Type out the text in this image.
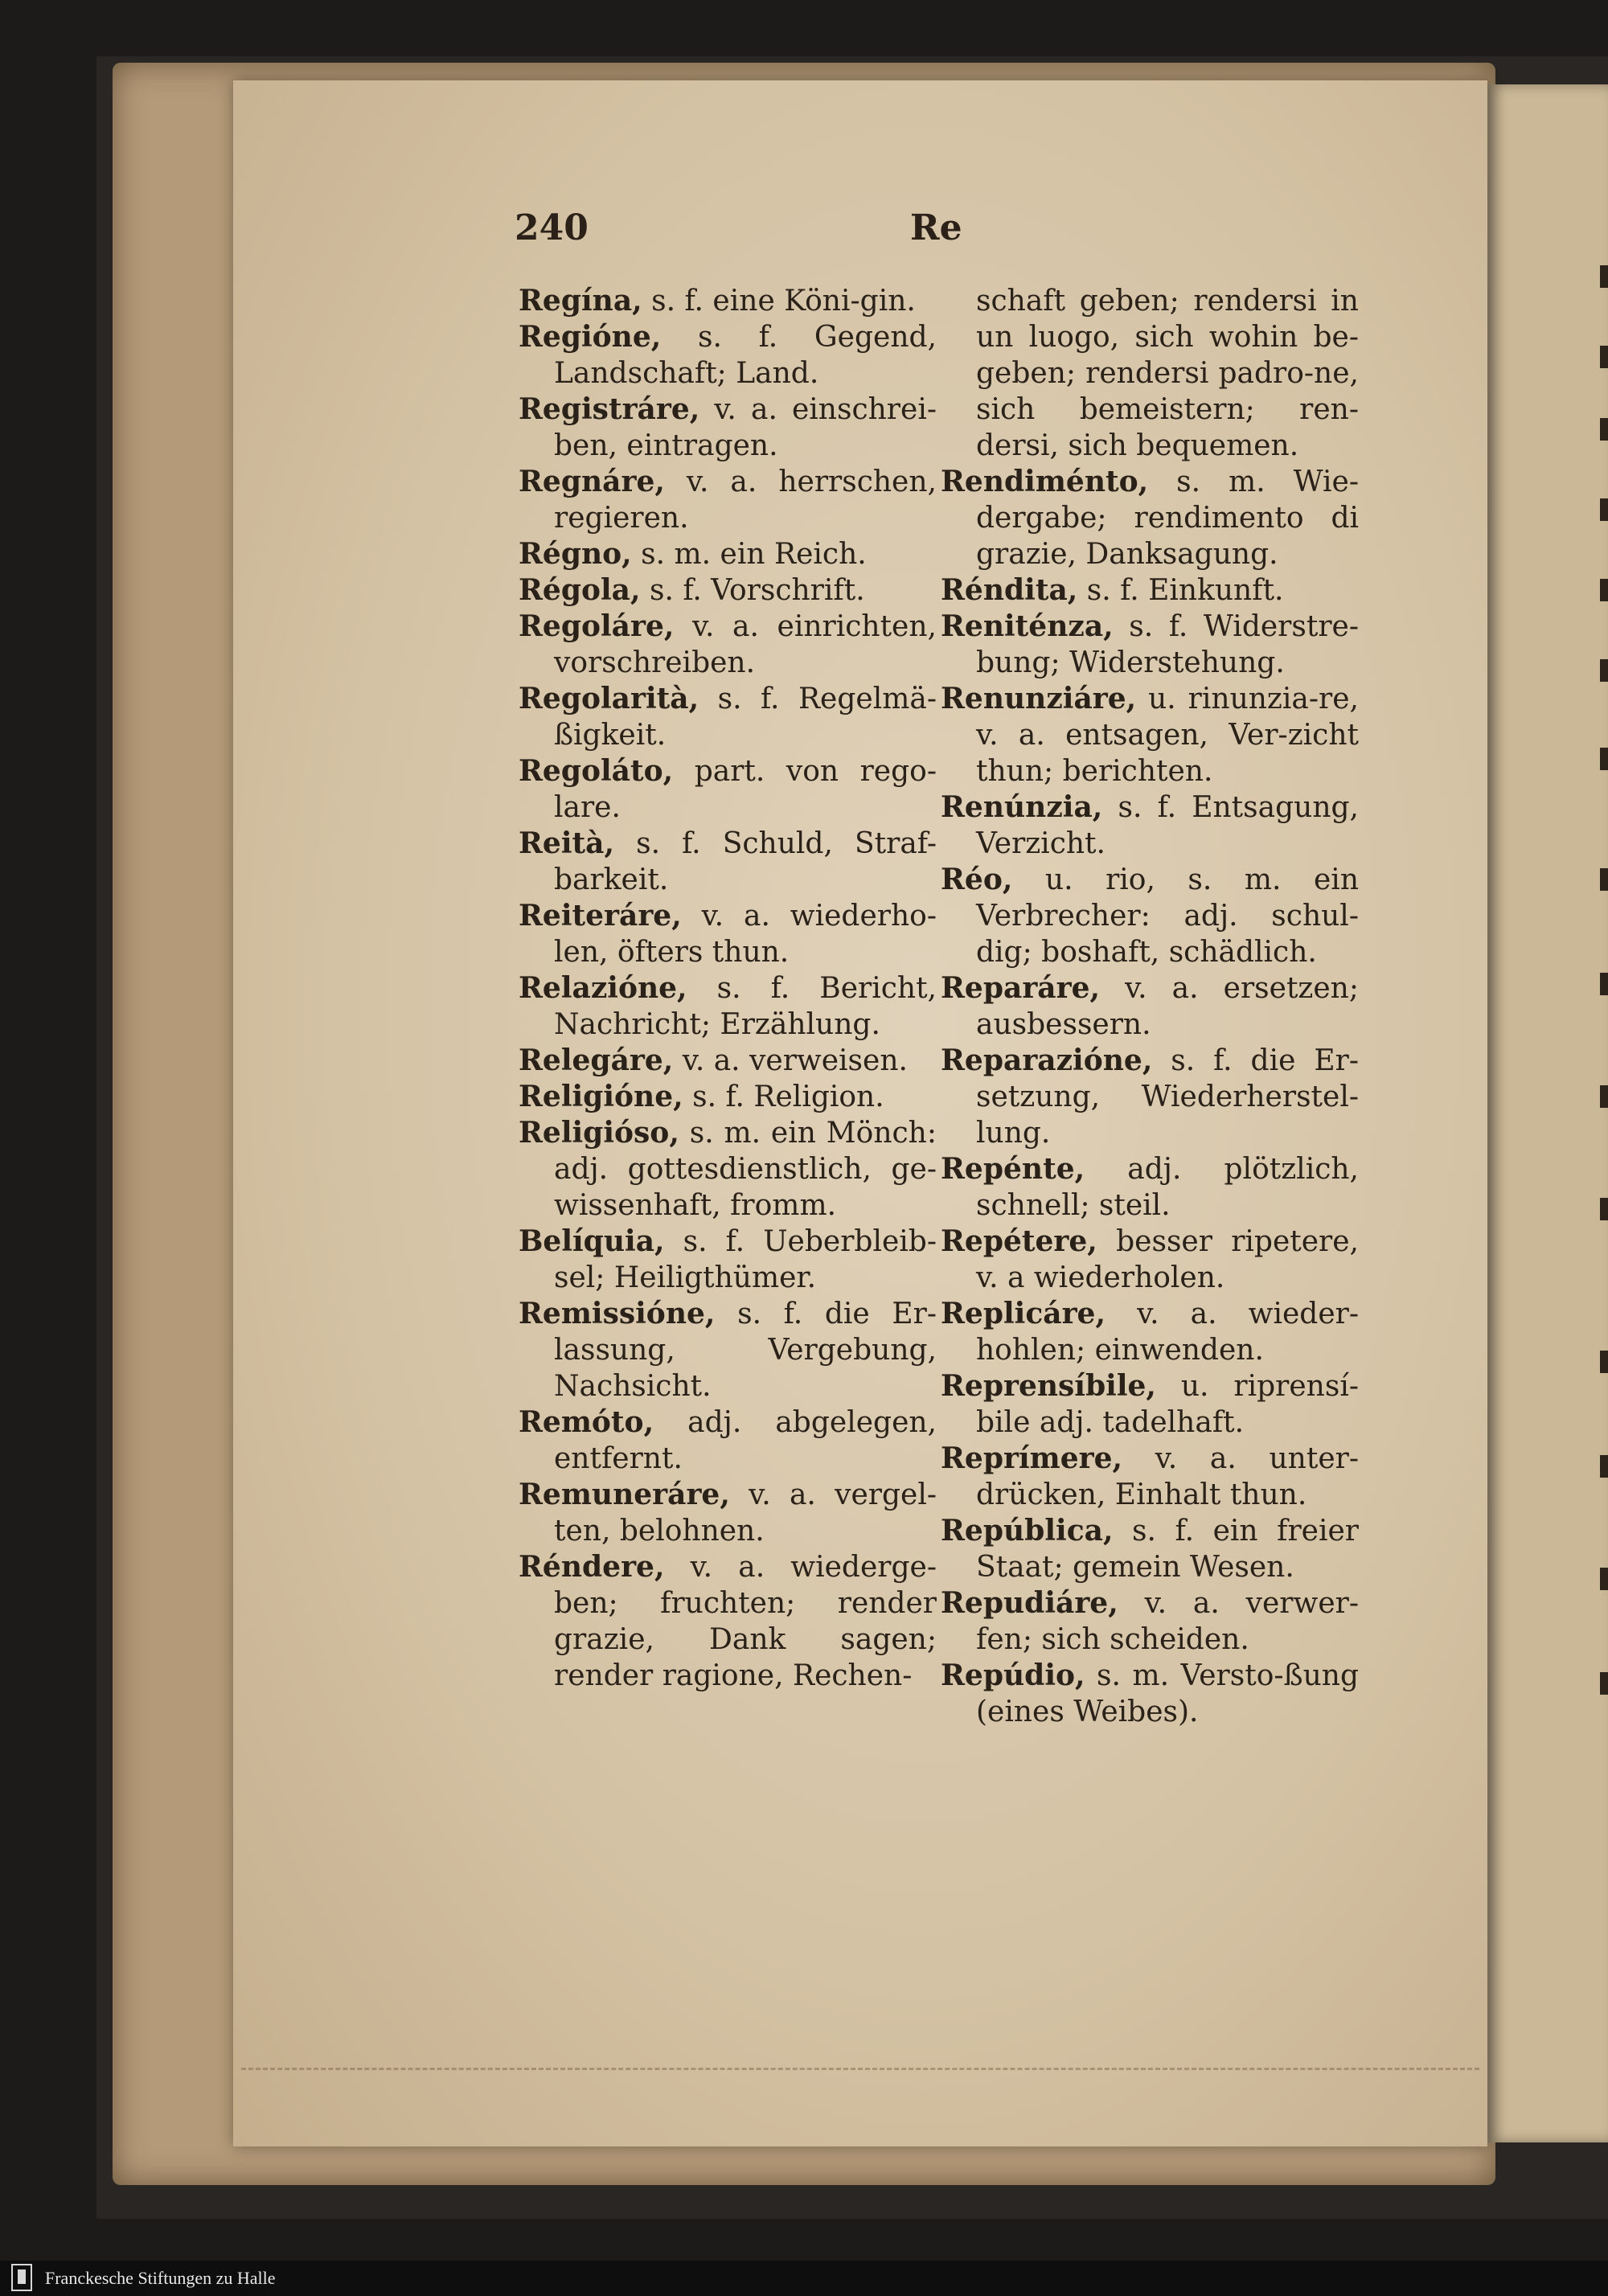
240	Re

Regína, s. f. eine Köni-gin.

Regióne, s. f. Gegend, Landschaft; Land.

Registráre, v. a. einschrei-ben, eintragen.

Regnáre, v. a. herrschen, regieren.

Régno, s. m. ein Reich.

Régola, s. f. Vorschrift.

Regoláre, v. a. einrichten, vorschreiben.

Regolarità, s. f. Regelmä-ßigkeit.

Regoláto, part. von rego-lare.

Reità, s. f. Schuld, Straf-barkeit.

Reiteráre, v. a. wiederho-len, öfters thun.

Relazióne, s. f. Bericht, Nachricht; Erzählung.

Relegáre, v. a. verweisen.

Religióne, s. f. Religion.

Religióso, s. m. ein Mönch: adj. gottesdienstlich, ge-wissenhaft, fromm.

Belíquia, s. f. Ueberbleib-sel; Heiligthümer.

Remissióne, s. f. die Er-lassung, Vergebung, Nachsicht.

Remóto, adj. abgelegen, entfernt.

Remuneráre, v. a. vergel-ten, belohnen.

Réndere, v. a. wiederge-ben; fruchten; render grazie, Dank sagen; render ragione, Rechen-

schaft geben; rendersi in un luogo, sich wohin be-geben; rendersi padro-ne, sich bemeistern; ren-dersi, sich bequemen.

Rendiménto, s. m. Wie-dergabe; rendimento di grazie, Danksagung.

Réndita, s. f. Einkunft.

Reniténza, s. f. Widerstre-bung; Widerstehung.

Renunziáre, u. rinunzia-re, v. a. entsagen, Ver-zicht thun; berichten.

Renúnzia, s. f. Entsagung, Verzicht.

Réo, u. rio, s. m. ein Verbrecher: adj. schul-dig; boshaft, schädlich.

Reparáre, v. a. ersetzen; ausbessern.

Reparazióne, s. f. die Er-setzung, Wiederherstel-lung.

Repénte, adj. plötzlich, schnell; steil.

Repétere, besser ripetere, v. a wiederholen.

Replicáre, v. a. wieder-hohlen; einwenden.

Reprensíbile, u. riprensí-bile adj. tadelhaft.

Reprímere, v. a. unter-drücken, Einhalt thun.

República, s. f. ein freier Staat; gemein Wesen.

Repudiáre, v. a. verwer-fen; sich scheiden.

Repúdio, s. m. Versto-ßung (eines Weibes).

Franckesche Stiftungen zu Halle
